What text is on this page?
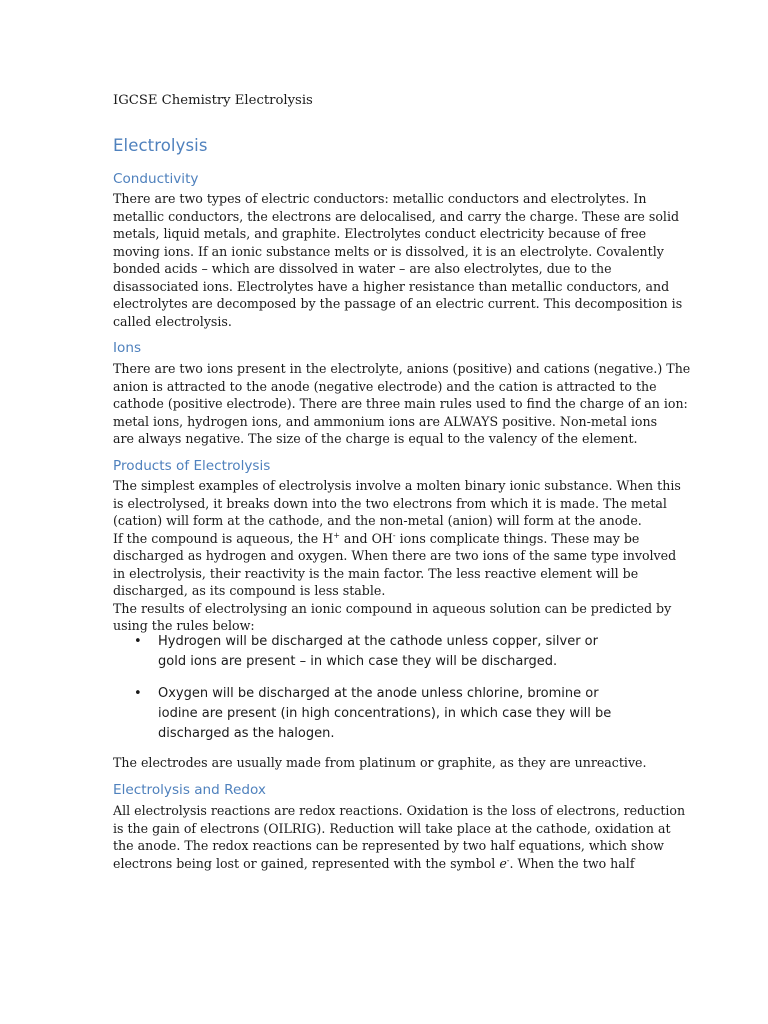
IGCSE Chemistry Electrolysis
Electrolysis
Conductivity
There are two types of electric conductors: metallic conductors and electrolytes. In
metallic conductors, the electrons are delocalised, and carry the charge. These are solid
metals, liquid metals, and graphite. Electrolytes conduct electricity because of free
moving ions. If an ionic substance melts or is dissolved, it is an electrolyte. Covalently
bonded acids – which are dissolved in water – are also electrolytes, due to the
disassociated ions. Electrolytes have a higher resistance than metallic conductors, and
electrolytes are decomposed by the passage of an electric current. This decomposition is
called electrolysis.
Ions
There are two ions present in the electrolyte, anions (positive) and cations (negative.) The
anion is attracted to the anode (negative electrode) and the cation is attracted to the
cathode (positive electrode). There are three main rules used to find the charge of an ion:
metal ions, hydrogen ions, and ammonium ions are ALWAYS positive. Non-metal ions
are always negative. The size of the charge is equal to the valency of the element.
Products of Electrolysis
The simplest examples of electrolysis involve a molten binary ionic substance. When this
is electrolysed, it breaks down into the two electrons from which it is made. The metal
(cation) will form at the cathode, and the non-metal (anion) will form at the anode.
If the compound is aqueous, the H+ and OH- ions complicate things. These may be
discharged as hydrogen and oxygen. When there are two ions of the same type involved
in electrolysis, their reactivity is the main factor. The less reactive element will be
discharged, as its compound is less stable.
The results of electrolysing an ionic compound in aqueous solution can be predicted by
using the rules below:
• Hydrogen will be discharged at the cathode unless copper, silver or
gold ions are present – in which case they will be discharged.
• Oxygen will be discharged at the anode unless chlorine, bromine or
iodine are present (in high concentrations), in which case they will be
discharged as the halogen.
The electrodes are usually made from platinum or graphite, as they are unreactive.
Electrolysis and Redox
All electrolysis reactions are redox reactions. Oxidation is the loss of electrons, reduction
is the gain of electrons (OILRIG). Reduction will take place at the cathode, oxidation at
the anode. The redox reactions can be represented by two half equations, which show
electrons being lost or gained, represented with the symbol e-. When the two half
